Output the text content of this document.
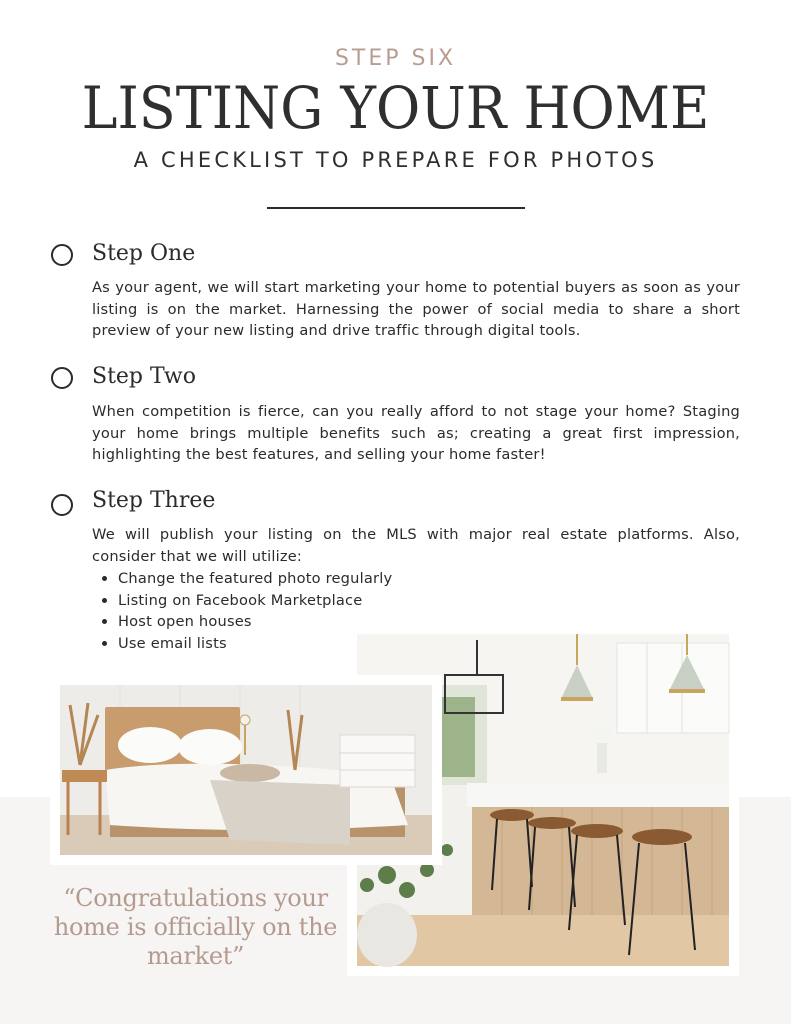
STEP SIX
LISTING YOUR HOME
A CHECKLIST TO PREPARE FOR PHOTOS
Step One
As your agent, we will start marketing your home to potential buyers as soon as your listing is on the market. Harnessing the power of social media to share a short preview of your new listing and drive traffic through digital tools.
Step Two
When competition is fierce, can you really afford to not stage your home? Staging your home brings multiple benefits such as; creating a great first impression, highlighting the best features, and selling your home faster!
Step Three
We will publish your listing on the MLS with major real estate platforms. Also, consider that we will utilize:
Change the featured photo regularly
Listing on Facebook Marketplace
Host open houses
Use email lists
“Congratulations your home is officially on the market”
